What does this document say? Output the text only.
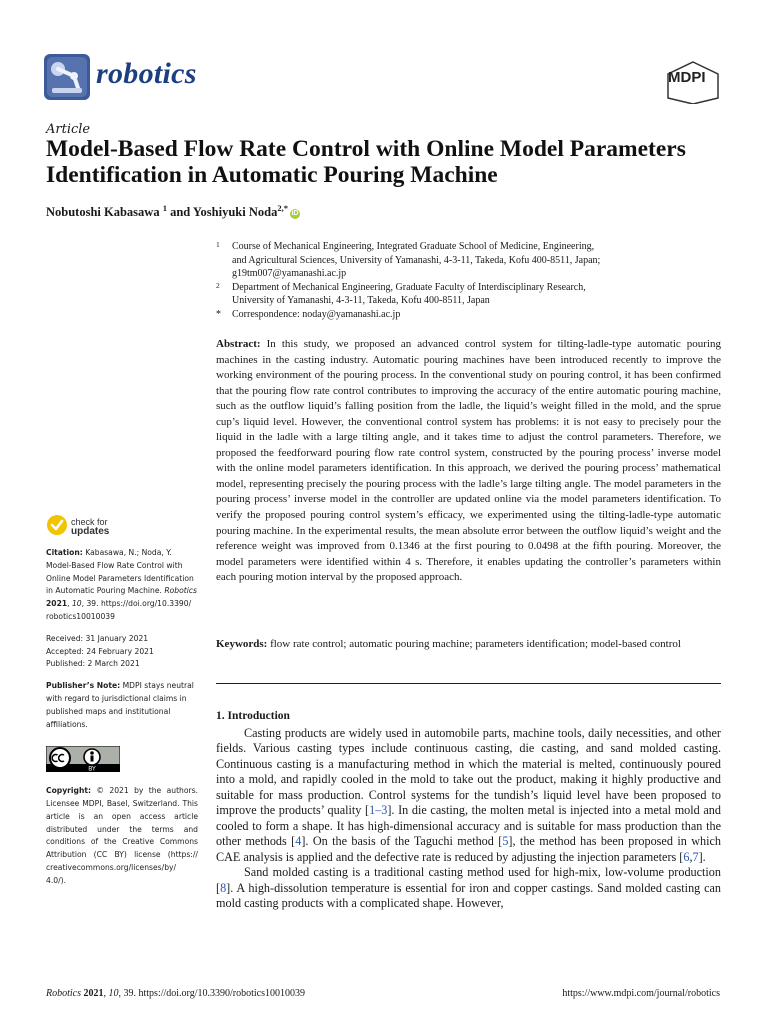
robotics	MDPI
Article
Model-Based Flow Rate Control with Online Model Parameters Identification in Automatic Pouring Machine
Nobutoshi Kabasawa $^1$ and Yoshiyuki Noda$^{2,*}$iD
1 Course of Mechanical Engineering, Integrated Graduate School of Medicine, Engineering,
and Agricultural Sciences, University of Yamanashi, 4-3-11, Takeda, Kofu 400-8511, Japan;
g19tm007@yamanashi.ac.jp
2 Department of Mechanical Engineering, Graduate Faculty of Interdisciplinary Research,
University of Yamanashi, 4-3-11, Takeda, Kofu 400-8511, Japan
* Correspondence: noday@yamanashi.ac.jp
Abstract: In this study, we proposed an advanced control system for tilting-ladle-type automatic pouring machines in the casting industry. Automatic pouring machines have been introduced recently to improve the working environment of the pouring process. In the conventional study on pouring control, it has been confirmed that the pouring flow rate control contributes to improving the accuracy of the entire automatic pouring machine, such as the outflow liquid’s falling position from the ladle, the liquid’s weight filled in the mold, and the sprue cup’s liquid level. However, the conventional control system has problems: it is not easy to precisely pour the liquid in the ladle with a large tilting angle, and it takes time to adjust the control parameters. Therefore, we proposed the feedforward pouring flow rate control system, constructed by the pouring process’ inverse model with the online model parameters identification. In this approach, we derived the pouring process’ mathematical model, representing precisely the pouring process with the ladle’s large tilting angle. The model parameters in the pouring process’ inverse model in the controller are updated online via the model parameters identification. To verify the proposed pouring control system’s efficacy, we experimented using the tilting-ladle-type automatic pouring machine. In the experimental results, the mean absolute error between the outflow liquid’s weight and the reference weight was improved from 0.1346 at the first pouring to 0.0498 at the fifth pouring. Moreover, the model parameters were identified within 4 s. Therefore, it enables updating the controller’s parameters within each pouring motion interval by the proposed approach.
Keywords: flow rate control; automatic pouring machine; parameters identification; model-based control
1. Introduction

Casting products are widely used in automobile parts, machine tools, daily necessities, and other fields. Various casting types include continuous casting, die casting, and sand molded casting. Continuous casting is a manufacturing method in which the material is melted, continuously poured into a mold, and rapidly cooled in the mold to take out the product, making it highly productive and suitable for mass production. Control systems for the tundish’s liquid level have been proposed to improve the products’ quality [1–3]. In die casting, the molten metal is injected into a metal mold and cooled to form a shape. It has high-dimensional accuracy and is suitable for mass production than the other methods [4]. On the basis of the Taguchi method [5], the method has been proposed in which CAE analysis is applied and the defective rate is reduced by adjusting the injection parameters [6,7].

Sand molded casting is a traditional casting method used for high-mix, low-volume production [8]. A high-dissolution temperature is essential for iron and copper castings. Sand molded casting can mold casting products with a complicated shape. However,

check for
updates
Citation: Kabasawa, N.; Noda, Y. Model-Based Flow Rate Control with Online Model Parameters Identification in Automatic Pouring Machine. Robotics 2021, 10, 39. https://doi.org/10.3390/ robotics10010039
Received: 31 January 2021
Accepted: 24 February 2021
Published: 2 March 2021
Publisher’s Note: MDPI stays neutral with regard to jurisdictional claims in published maps and institutional affiliations.
BY
Copyright: © 2021 by the authors. Licensee MDPI, Basel, Switzerland. This article is an open access article distributed under the terms and conditions of the Creative Commons Attribution (CC BY) license (https:// creativecommons.org/licenses/by/ 4.0/).
Robotics 2021, 10, 39. https://doi.org/10.3390/robotics10010039	https://www.mdpi.com/journal/robotics
